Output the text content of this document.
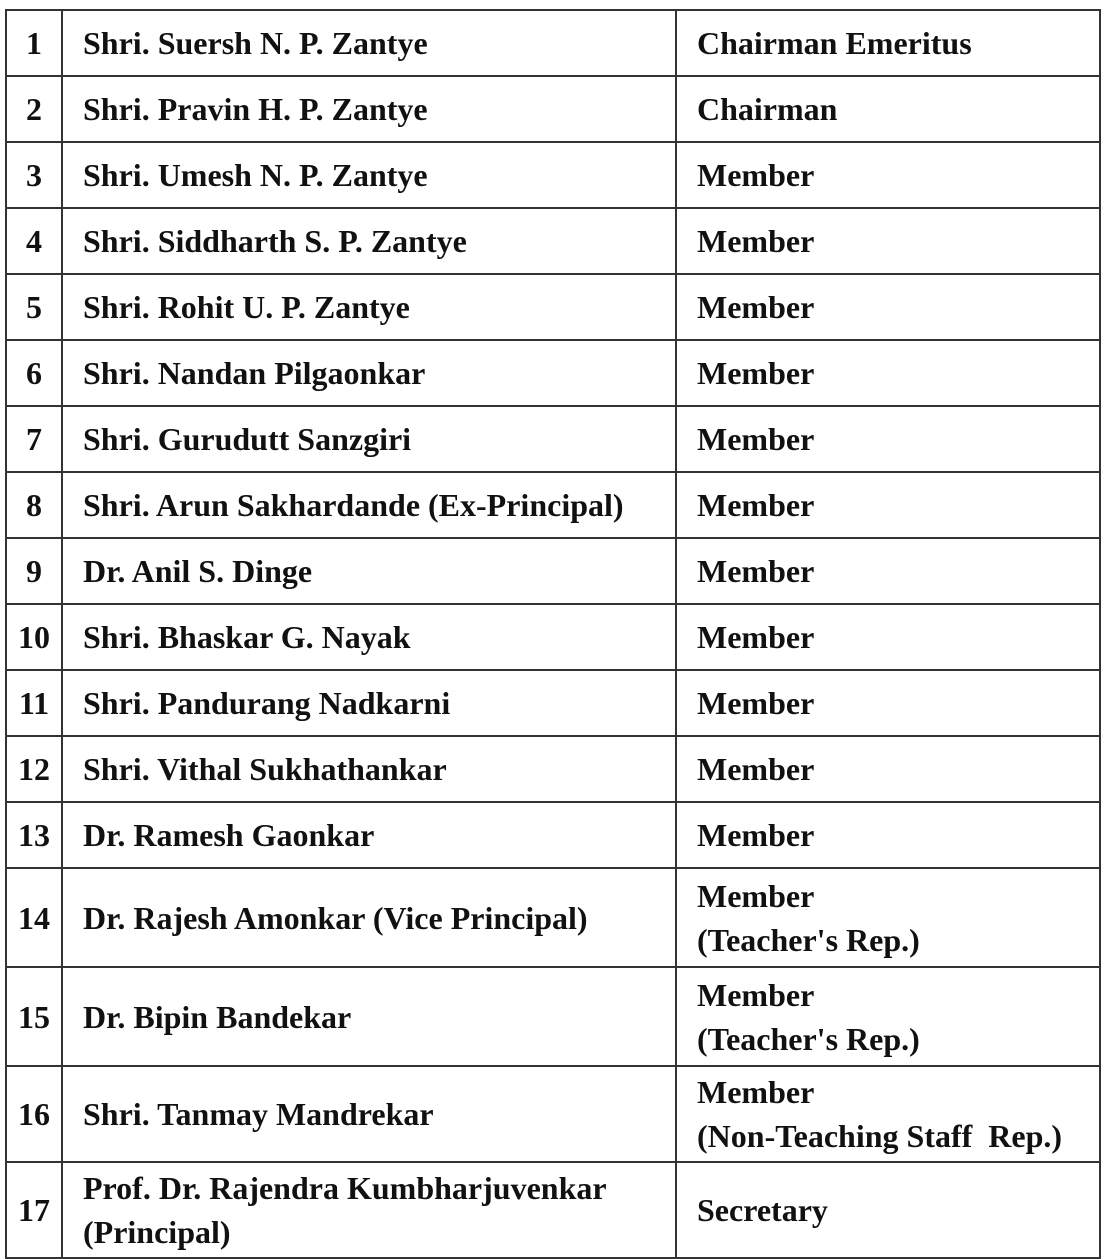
1	Shri. Suersh N. P. Zantye	Chairman Emeritus

2	Shri. Pravin H. P. Zantye	Chairman

3	Shri. Umesh N. P. Zantye	Member

4	Shri. Siddharth S. P. Zantye	Member

5	Shri. Rohit U. P. Zantye	Member

6	Shri. Nandan Pilgaonkar	Member

7	Shri. Gurudutt Sanzgiri	Member

8	Shri. Arun Sakhardande (Ex-Principal)	Member

9	Dr. Anil S. Dinge	Member

10	Shri. Bhaskar G. Nayak	Member

11	Shri. Pandurang Nadkarni	Member

12	Shri. Vithal Sukhathankar	Member

13	Dr. Ramesh Gaonkar	Member

14	Dr. Rajesh Amonkar (Vice Principal)	Member
(Teacher's Rep.)

15	Dr. Bipin Bandekar	Member
(Teacher's Rep.)

16	Shri. Tanmay Mandrekar	Member
(Non-Teaching Staff  Rep.)

17	Prof. Dr. Rajendra Kumbharjuvenkar
(Principal)	Secretary
